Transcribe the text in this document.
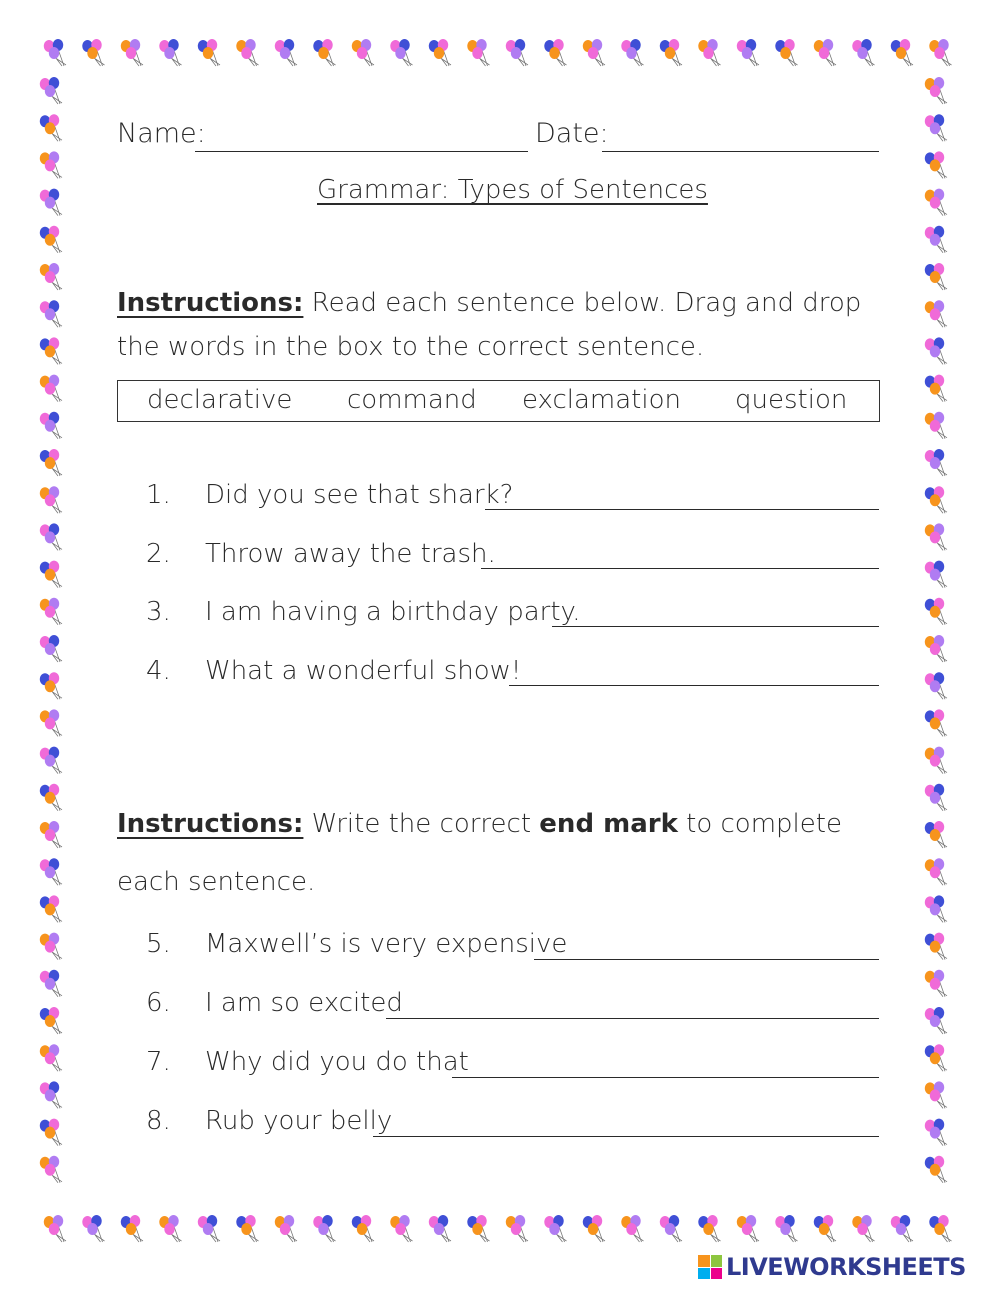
Name:	Date:
Grammar: Types of Sentences
Instructions: Read each sentence below. Drag and drop the words in the box to the correct sentence.
declarative command exclamation question
1. Did you see that shark?
2. Throw away the trash.
3. I am having a birthday party.
4. What a wonderful show!
Instructions: Write the correct end mark to complete each sentence.
5. Maxwell’s is very expensive
6. I am so excited
7. Why did you do that
8. Rub your belly
LIVEWORKSHEETS
